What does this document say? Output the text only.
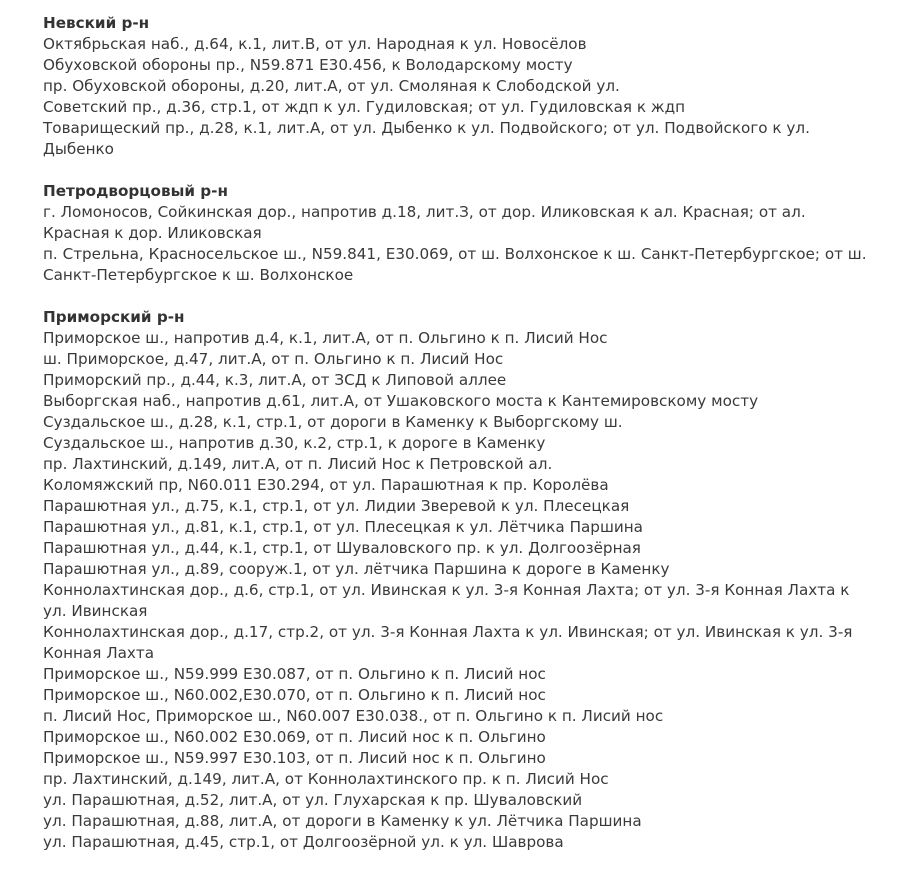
Невский р-н
Октябрьская наб., д.64, к.1, лит.В, от ул. Народная к ул. Новосёлов
Обуховской обороны пр., N59.871 E30.456, к Володарскому мосту
пр. Обуховской обороны, д.20, лит.А, от ул. Смоляная к Слободской ул.
Советский пр., д.36, стр.1, от ждп к ул. Гудиловская; от ул. Гудиловская к ждп
Товарищеский пр., д.28, к.1, лит.А, от ул. Дыбенко к ул. Подвойского; от ул. Подвойского к ул. Дыбенко
Петродворцовый р-н
г. Ломоносов, Сойкинская дор., напротив д.18, лит.З, от дор. Иликовская к ал. Красная; от ал. Красная к дор. Иликовская
п. Стрельна, Красносельское ш., N59.841, E30.069, от ш. Волхонское к ш. Санкт-Петербургское; от ш. Санкт-Петербургское к ш. Волхонское
Приморский р-н
Приморское ш., напротив д.4, к.1, лит.А, от п. Ольгино к п. Лисий Нос
ш. Приморское, д.47, лит.А, от п. Ольгино к п. Лисий Нос
Приморский пр., д.44, к.3, лит.А, от ЗСД к Липовой аллее
Выборгская наб., напротив д.61, лит.А, от Ушаковского моста к Кантемировскому мосту
Суздальское ш., д.28, к.1, стр.1, от дороги в Каменку к Выборгскому ш.
Суздальское ш., напротив д.30, к.2, стр.1, к дороге в Каменку
пр. Лахтинский, д.149, лит.А, от п. Лисий Нос к Петровской ал.
Коломяжский пр, N60.011 E30.294, от ул. Парашютная к пр. Королёва
Парашютная ул., д.75, к.1, стр.1, от ул. Лидии Зверевой к ул. Плесецкая
Парашютная ул., д.81, к.1, стр.1, от ул. Плесецкая к ул. Лётчика Паршина
Парашютная ул., д.44, к.1, стр.1, от Шуваловского пр. к ул. Долгоозёрная
Парашютная ул., д.89, сооруж.1, от ул. лётчика Паршина к дороге в Каменку
Коннолахтинская дор., д.6, стр.1, от ул. Ивинская к ул. 3-я Конная Лахта; от ул. 3-я Конная Лахта к ул. Ивинская
Коннолахтинская дор., д.17, стр.2, от ул. 3-я Конная Лахта к ул. Ивинская; от ул. Ивинская к ул. 3-я Конная Лахта
Приморское ш., N59.999 E30.087, от п. Ольгино к п. Лисий нос
Приморское ш., N60.002,E30.070, от п. Ольгино к п. Лисий нос
п. Лисий Нос, Приморское ш., N60.007 E30.038., от п. Ольгино к п. Лисий нос
Приморское ш., N60.002 E30.069, от п. Лисий нос к п. Ольгино
Приморское ш., N59.997 E30.103, от п. Лисий нос к п. Ольгино
пр. Лахтинский, д.149, лит.А, от Коннолахтинского пр. к п. Лисий Нос
ул. Парашютная, д.52, лит.А, от ул. Глухарская к пр. Шуваловский
ул. Парашютная, д.88, лит.А, от дороги в Каменку к ул. Лётчика Паршина
ул. Парашютная, д.45, стр.1, от Долгоозёрной ул. к ул. Шаврова
